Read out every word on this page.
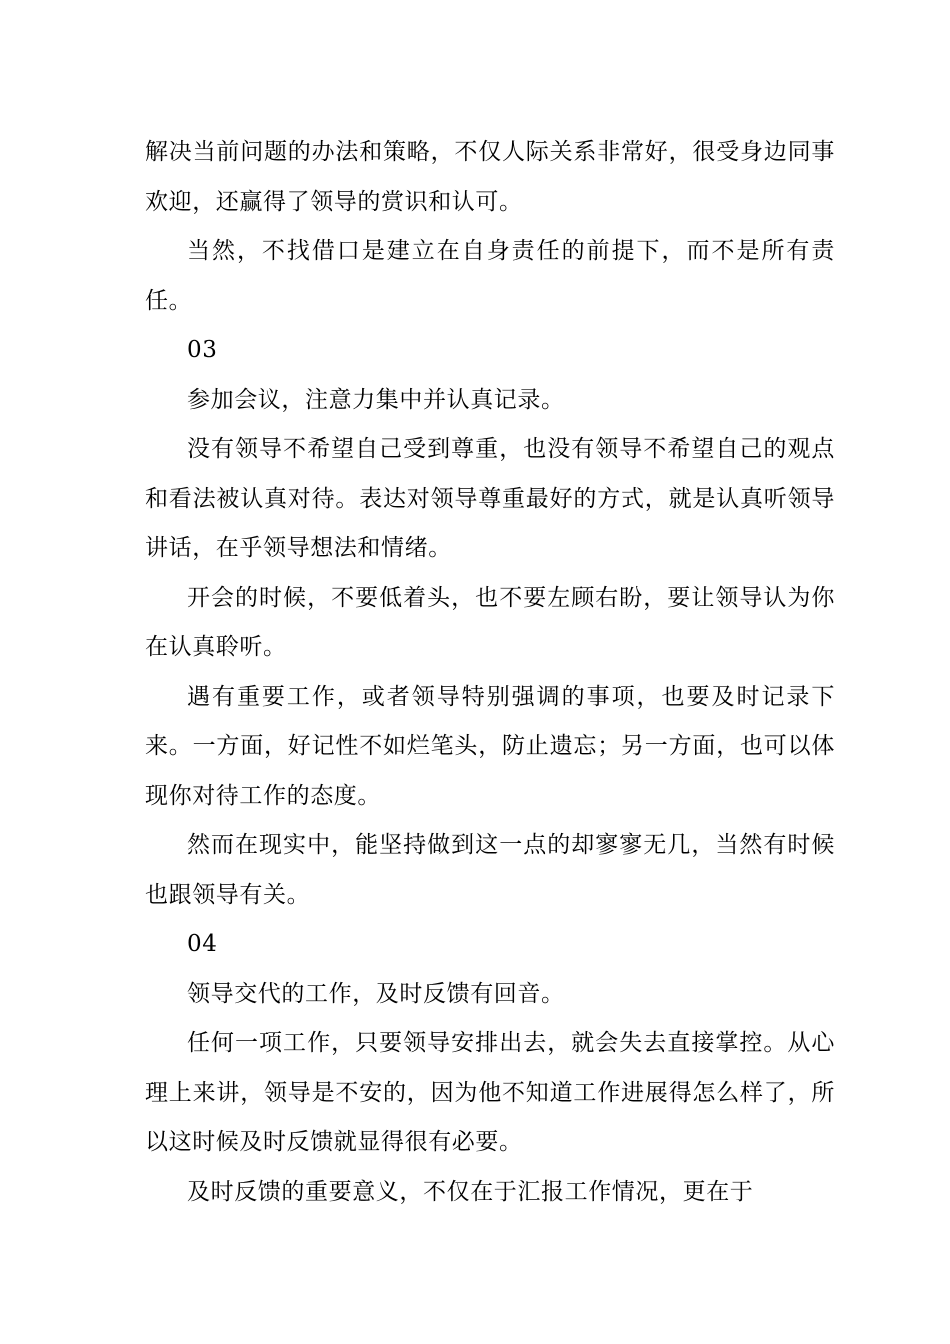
解决当前问题的办法和策略，不仅人际关系非常好，很受身边同事欢迎，还赢得了领导的赏识和认可。

当然，不找借口是建立在自身责任的前提下，而不是所有责任。

03

参加会议，注意力集中并认真记录。

没有领导不希望自己受到尊重，也没有领导不希望自己的观点和看法被认真对待。表达对领导尊重最好的方式，就是认真听领导讲话，在乎领导想法和情绪。

开会的时候，不要低着头，也不要左顾右盼，要让领导认为你在认真聆听。

遇有重要工作，或者领导特别强调的事项，也要及时记录下来。一方面，好记性不如烂笔头，防止遗忘；另一方面，也可以体现你对待工作的态度。

然而在现实中，能坚持做到这一点的却寥寥无几，当然有时候也跟领导有关。

04

领导交代的工作，及时反馈有回音。

任何一项工作，只要领导安排出去，就会失去直接掌控。从心理上来讲，领导是不安的，因为他不知道工作进展得怎么样了，所以这时候及时反馈就显得很有必要。

及时反馈的重要意义，不仅在于汇报工作情况，更在于
